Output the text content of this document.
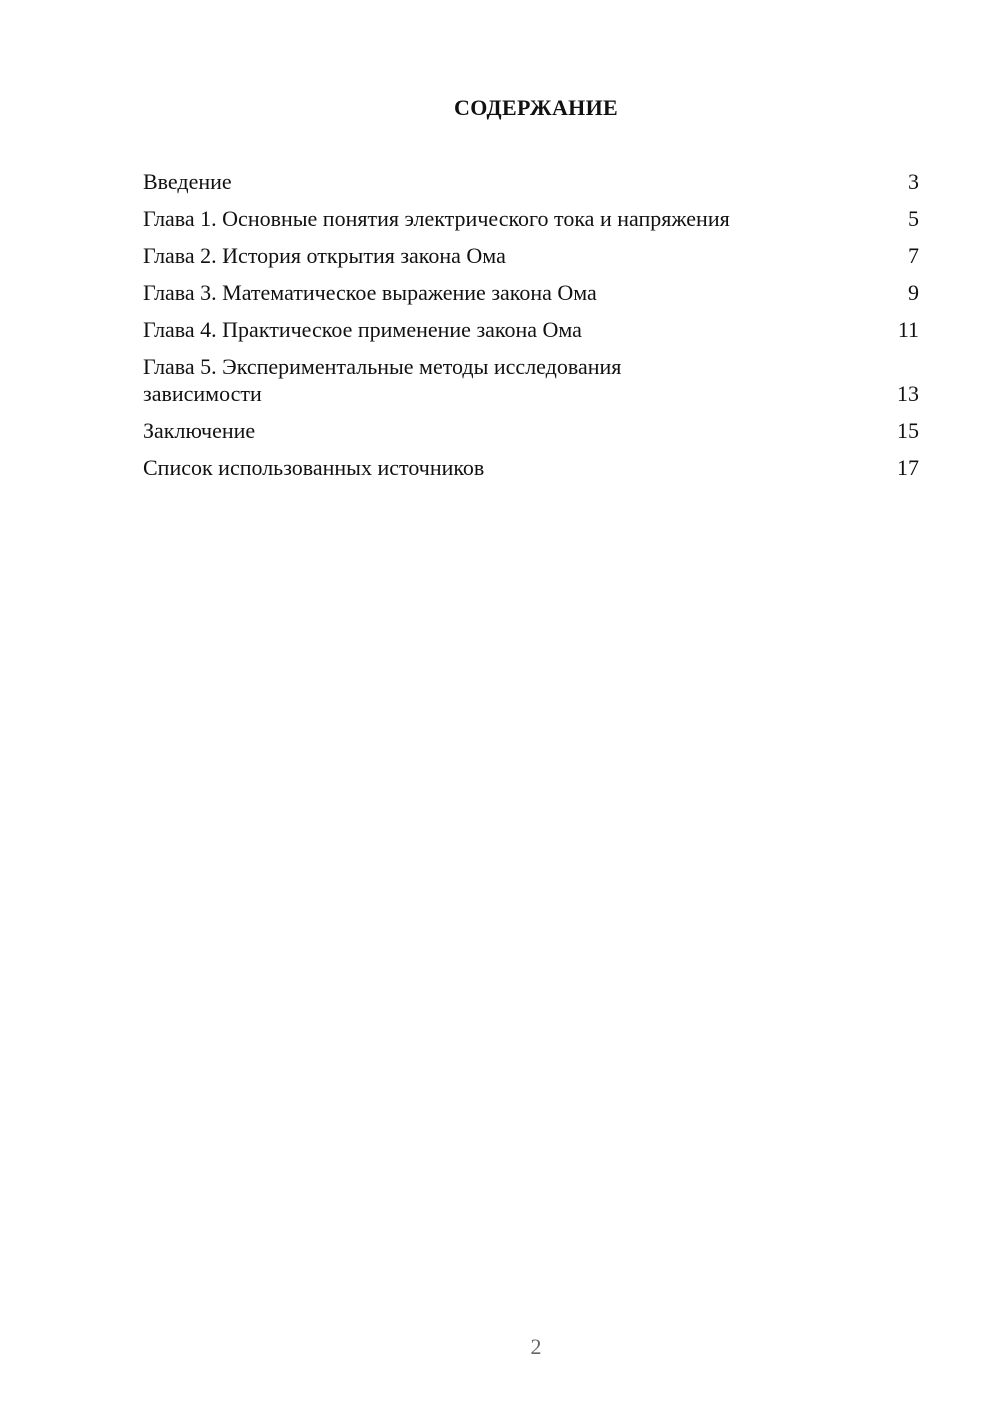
СОДЕРЖАНИЕ
Введение	3
Глава 1. Основные понятия электрического тока и напряжения	5
Глава 2. История открытия закона Ома	7
Глава 3. Математическое выражение закона Ома	9
Глава 4. Практическое применение закона Ома	11
Глава 5. Экспериментальные методы исследования зависимости	13
Заключение	15
Список использованных источников	17

2
